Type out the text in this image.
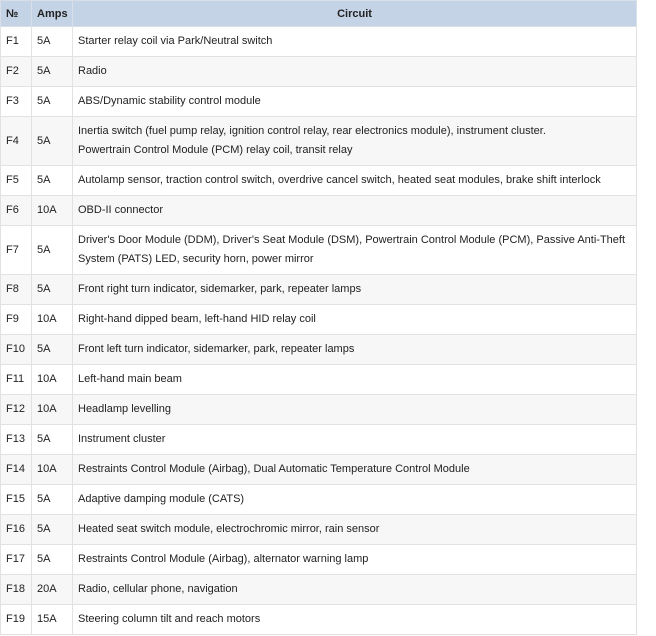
№	Amps	Circuit
F1	5A	Starter relay coil via Park/Neutral switch

F2	5A	Radio

F3	5A	ABS/Dynamic stability control module

F4	5A	Inertia switch (fuel pump relay, ignition control relay, rear electronics module), instrument cluster.
Powertrain Control Module (PCM) relay coil, transit relay

F5	5A	Autolamp sensor, traction control switch, overdrive cancel switch, heated seat modules, brake shift interlock

F6	10A	OBD-II connector

F7	5A	Driver's Door Module (DDM), Driver's Seat Module (DSM), Powertrain Control Module (PCM), Passive Anti-Theft
System (PATS) LED, security horn, power mirror

F8	5A	Front right turn indicator, sidemarker, park, repeater lamps

F9	10A	Right-hand dipped beam, left-hand HID relay coil

F10	5A	Front left turn indicator, sidemarker, park, repeater lamps

F11	10A	Left-hand main beam

F12	10A	Headlamp levelling

F13	5A	Instrument cluster

F14	10A	Restraints Control Module (Airbag), Dual Automatic Temperature Control Module

F15	5A	Adaptive damping module (CATS)

F16	5A	Heated seat switch module, electrochromic mirror, rain sensor

F17	5A	Restraints Control Module (Airbag), alternator warning lamp

F18	20A	Radio, cellular phone, navigation

F19	15A	Steering column tilt and reach motors
